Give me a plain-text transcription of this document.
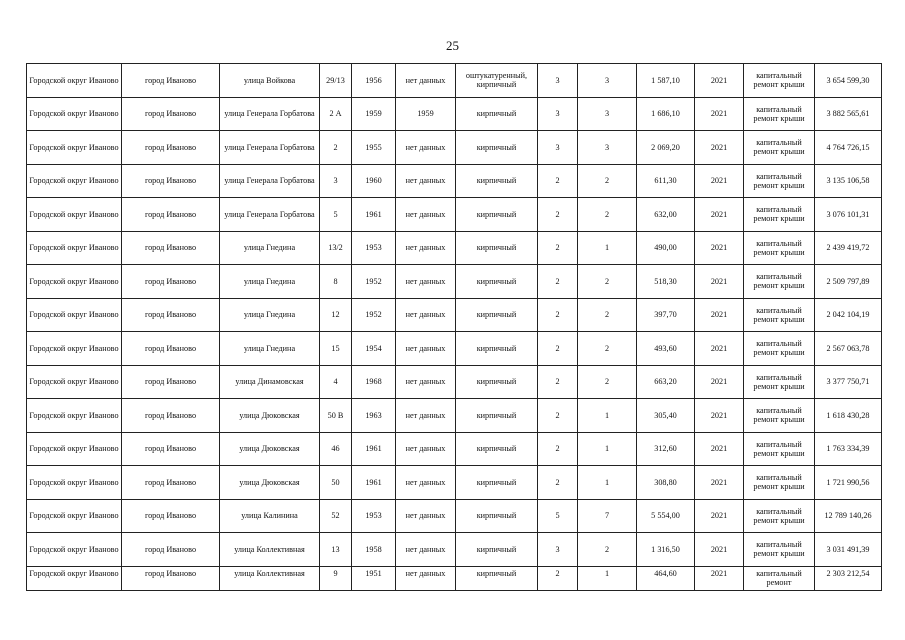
25
Городской округ Иваново	город Иваново	улица Войкова	29/13	1956	нет данных	оштукатуренный, кирпичный	3	3	1 587,10	2021	капитальный ремонт крыши	3 654 599,30
Городской округ Иваново	город Иваново	улица Генерала Горбатова	2 А	1959	1959	кирпичный	3	3	1 686,10	2021	капитальный ремонт крыши	3 882 565,61
Городской округ Иваново	город Иваново	улица Генерала Горбатова	2	1955	нет данных	кирпичный	3	3	2 069,20	2021	капитальный ремонт крыши	4 764 726,15
Городской округ Иваново	город Иваново	улица Генерала Горбатова	3	1960	нет данных	кирпичный	2	2	611,30	2021	капитальный ремонт крыши	3 135 106,58
Городской округ Иваново	город Иваново	улица Генерала Горбатова	5	1961	нет данных	кирпичный	2	2	632,00	2021	капитальный ремонт крыши	3 076 101,31
Городской округ Иваново	город Иваново	улица Гнедина	13/2	1953	нет данных	кирпичный	2	1	490,00	2021	капитальный ремонт крыши	2 439 419,72
Городской округ Иваново	город Иваново	улица Гнедина	8	1952	нет данных	кирпичный	2	2	518,30	2021	капитальный ремонт крыши	2 509 797,89
Городской округ Иваново	город Иваново	улица Гнедина	12	1952	нет данных	кирпичный	2	2	397,70	2021	капитальный ремонт крыши	2 042 104,19
Городской округ Иваново	город Иваново	улица Гнедина	15	1954	нет данных	кирпичный	2	2	493,60	2021	капитальный ремонт крыши	2 567 063,78
Городской округ Иваново	город Иваново	улица Динамовская	4	1968	нет данных	кирпичный	2	2	663,20	2021	капитальный ремонт крыши	3 377 750,71
Городской округ Иваново	город Иваново	улица Дюковская	50 В	1963	нет данных	кирпичный	2	1	305,40	2021	капитальный ремонт крыши	1 618 430,28
Городской округ Иваново	город Иваново	улица Дюковская	46	1961	нет данных	кирпичный	2	1	312,60	2021	капитальный ремонт крыши	1 763 334,39
Городской округ Иваново	город Иваново	улица Дюковская	50	1961	нет данных	кирпичный	2	1	308,80	2021	капитальный ремонт крыши	1 721 990,56
Городской округ Иваново	город Иваново	улица Калинина	52	1953	нет данных	кирпичный	5	7	5 554,00	2021	капитальный ремонт крыши	12 789 140,26
Городской округ Иваново	город Иваново	улица Коллективная	13	1958	нет данных	кирпичный	3	2	1 316,50	2021	капитальный ремонт крыши	3 031 491,39
Городской округ Иваново	город Иваново	улица Коллективная	9	1951	нет данных	кирпичный	2	1	464,60	2021	капитальный ремонт	2 303 212,54
